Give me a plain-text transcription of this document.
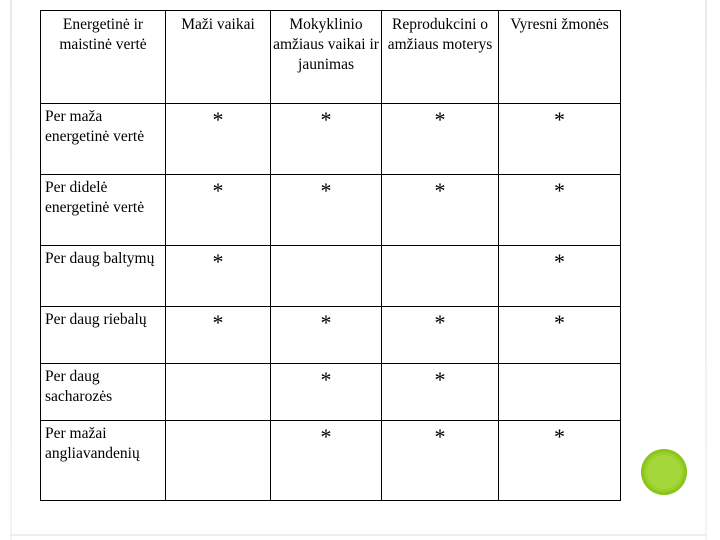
Energetinė ir maistinė vertė	Maži vaikai	Mokyklinio amžiaus vaikai ir jaunimas	Reprodukcini o amžiaus moterys	Vyresni žmonės
Per maža energetinė vertė	*	*	*	*
Per didelė energetinė vertė	*	*	*	*
Per daug baltymų	*			*
Per daug riebalų	*	*	*	*
Per daug sacharozės		*	*	
Per mažai angliavandenių		*	*	*
